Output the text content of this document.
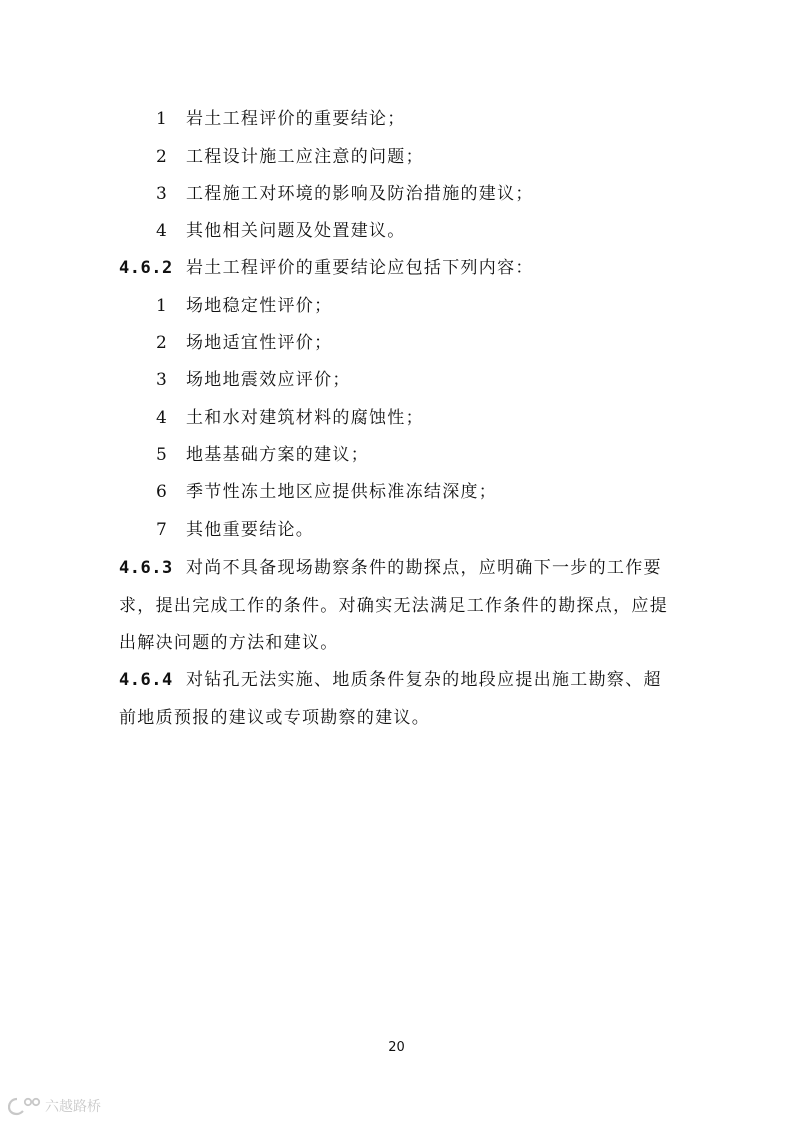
1	岩土工程评价的重要结论；
2	工程设计施工应注意的问题；
3	工程施工对环境的影响及防治措施的建议；
4	其他相关问题及处置建议。
4.6.2 岩土工程评价的重要结论应包括下列内容：
1	场地稳定性评价；
2	场地适宜性评价；
3	场地地震效应评价；
4	土和水对建筑材料的腐蚀性；
5	地基基础方案的建议；
6	季节性冻土地区应提供标准冻结深度；
7	其他重要结论。
4.6.3 对尚不具备现场勘察条件的勘探点，应明确下一步的工作要
求，提出完成工作的条件。对确实无法满足工作条件的勘探点，应提
出解决问题的方法和建议。
4.6.4 对钻孔无法实施、地质条件复杂的地段应提出施工勘察、超
前地质预报的建议或专项勘察的建议。
20
六越路桥
